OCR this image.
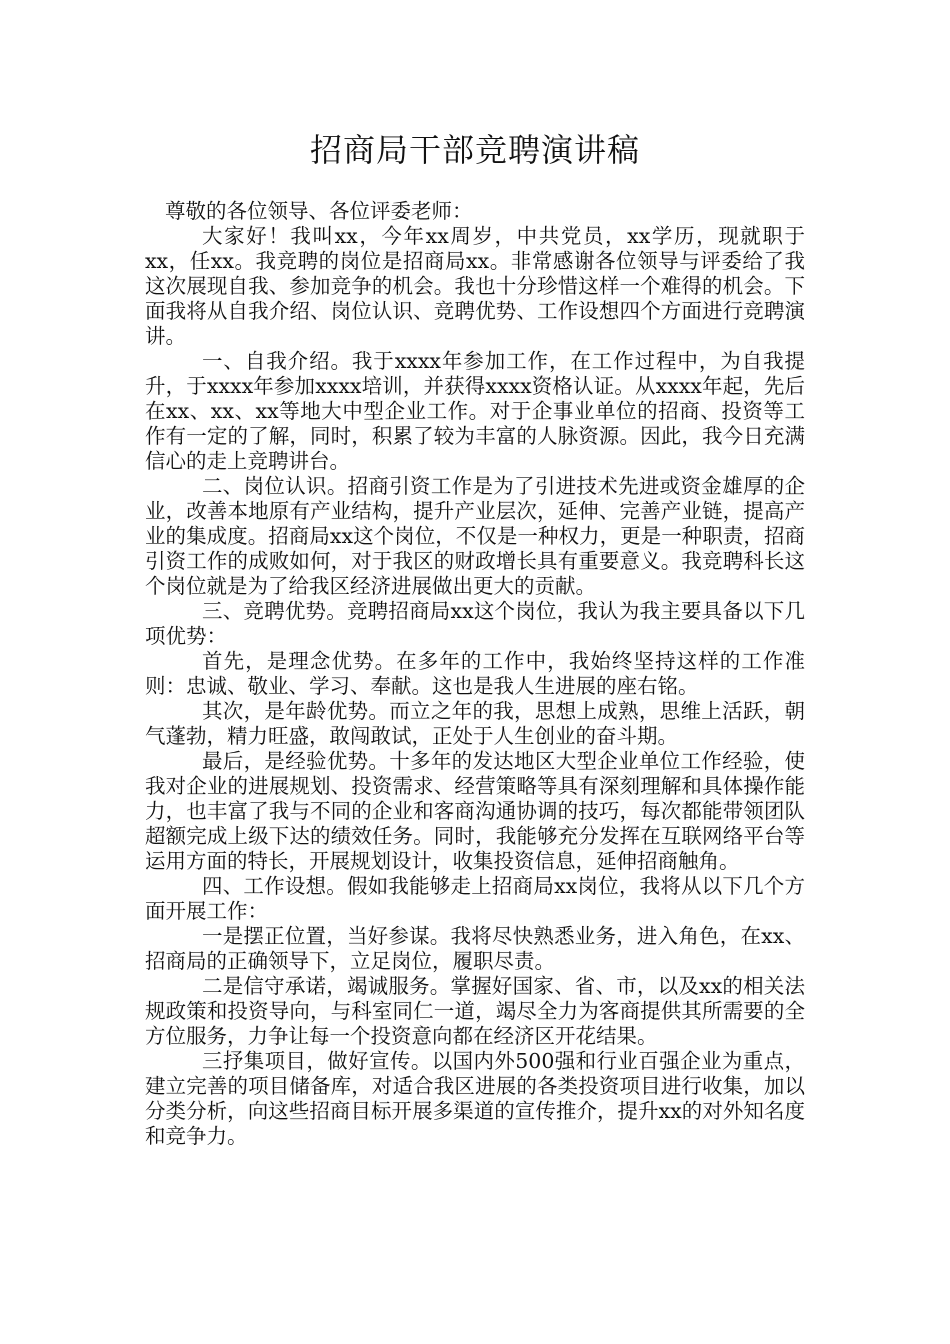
招商局干部竞聘演讲稿

尊敬的各位领导、各位评委老师：

大家好！我叫xx，今年xx周岁，中共党员，xx学历，现就职于xx，任xx。我竞聘的岗位是招商局xx。非常感谢各位领导与评委给了我这次展现自我、参加竞争的机会。我也十分珍惜这样一个难得的机会。下面我将从自我介绍、岗位认识、竞聘优势、工作设想四个方面进行竞聘演讲。

一、自我介绍。我于xxxx年参加工作，在工作过程中，为自我提升，于xxxx年参加xxxx培训，并获得xxxx资格认证。从xxxx年起，先后在xx、xx、xx等地大中型企业工作。对于企事业单位的招商、投资等工作有一定的了解，同时，积累了较为丰富的人脉资源。因此，我今日充满信心的走上竞聘讲台。

二、岗位认识。招商引资工作是为了引进技术先进或资金雄厚的企业，改善本地原有产业结构，提升产业层次，延伸、完善产业链，提高产业的集成度。招商局xx这个岗位，不仅是一种权力，更是一种职责，招商引资工作的成败如何，对于我区的财政增长具有重要意义。我竞聘科长这个岗位就是为了给我区经济进展做出更大的贡献。

三、竞聘优势。竞聘招商局xx这个岗位，我认为我主要具备以下几项优势：

首先，是理念优势。在多年的工作中，我始终坚持这样的工作准则：忠诚、敬业、学习、奉献。这也是我人生进展的座右铭。

其次，是年龄优势。而立之年的我，思想上成熟，思维上活跃，朝气蓬勃，精力旺盛，敢闯敢试，正处于人生创业的奋斗期。

最后，是经验优势。十多年的发达地区大型企业单位工作经验，使我对企业的进展规划、投资需求、经营策略等具有深刻理解和具体操作能力，也丰富了我与不同的企业和客商沟通协调的技巧，每次都能带领团队超额完成上级下达的绩效任务。同时，我能够充分发挥在互联网络平台等运用方面的特长，开展规划设计，收集投资信息，延伸招商触角。

四、工作设想。假如我能够走上招商局xx岗位，我将从以下几个方面开展工作：

一是摆正位置，当好参谋。我将尽快熟悉业务，进入角色，在xx、招商局的正确领导下，立足岗位，履职尽责。

二是信守承诺，竭诚服务。掌握好国家、省、市，以及xx的相关法规政策和投资导向，与科室同仁一道，竭尽全力为客商提供其所需要的全方位服务，力争让每一个投资意向都在经济区开花结果。

三抒集项目，做好宣传。以国内外500强和行业百强企业为重点，建立完善的项目储备库，对适合我区进展的各类投资项目进行收集，加以分类分析，向这些招商目标开展多渠道的宣传推介，提升xx的对外知名度和竞争力。
